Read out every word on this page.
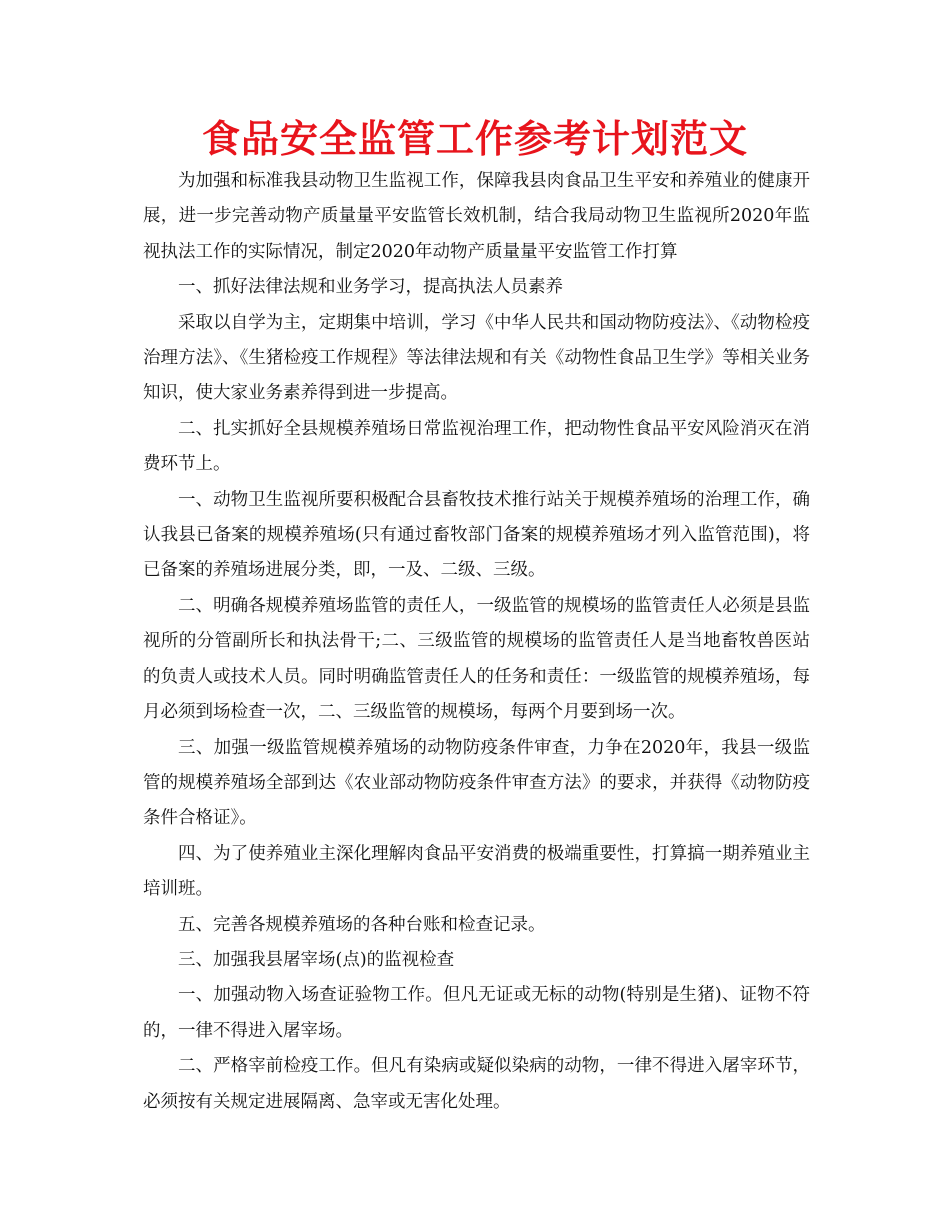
食品安全监管工作参考计划范文

为加强和标准我县动物卫生监视工作，保障我县肉食品卫生平安和养殖业的健康开展，进一步完善动物产质量量平安监管长效机制，结合我局动物卫生监视所2020年监视执法工作的实际情况，制定2020年动物产质量量平安监管工作打算

一、抓好法律法规和业务学习，提高执法人员素养

采取以自学为主，定期集中培训，学习《中华人民共和国动物防疫法》、《动物检疫治理方法》、《生猪检疫工作规程》等法律法规和有关《动物性食品卫生学》等相关业务知识，使大家业务素养得到进一步提高。

二、扎实抓好全县规模养殖场日常监视治理工作，把动物性食品平安风险消灭在消费环节上。

一、动物卫生监视所要积极配合县畜牧技术推行站关于规模养殖场的治理工作，确认我县已备案的规模养殖场(只有通过畜牧部门备案的规模养殖场才列入监管范围)，将已备案的养殖场进展分类，即，一及、二级、三级。

二、明确各规模养殖场监管的责任人，一级监管的规模场的监管责任人必须是县监视所的分管副所长和执法骨干;二、三级监管的规模场的监管责任人是当地畜牧兽医站的负责人或技术人员。同时明确监管责任人的任务和责任：一级监管的规模养殖场，每月必须到场检查一次，二、三级监管的规模场，每两个月要到场一次。

三、加强一级监管规模养殖场的动物防疫条件审查，力争在2020年，我县一级监管的规模养殖场全部到达《农业部动物防疫条件审查方法》的要求，并获得《动物防疫条件合格证》。

四、为了使养殖业主深化理解肉食品平安消费的极端重要性，打算搞一期养殖业主培训班。

五、完善各规模养殖场的各种台账和检查记录。

三、加强我县屠宰场(点)的监视检查

一、加强动物入场查证验物工作。但凡无证或无标的动物(特别是生猪)、证物不符的，一律不得进入屠宰场。

二、严格宰前检疫工作。但凡有染病或疑似染病的动物，一律不得进入屠宰环节，必须按有关规定进展隔离、急宰或无害化处理。
